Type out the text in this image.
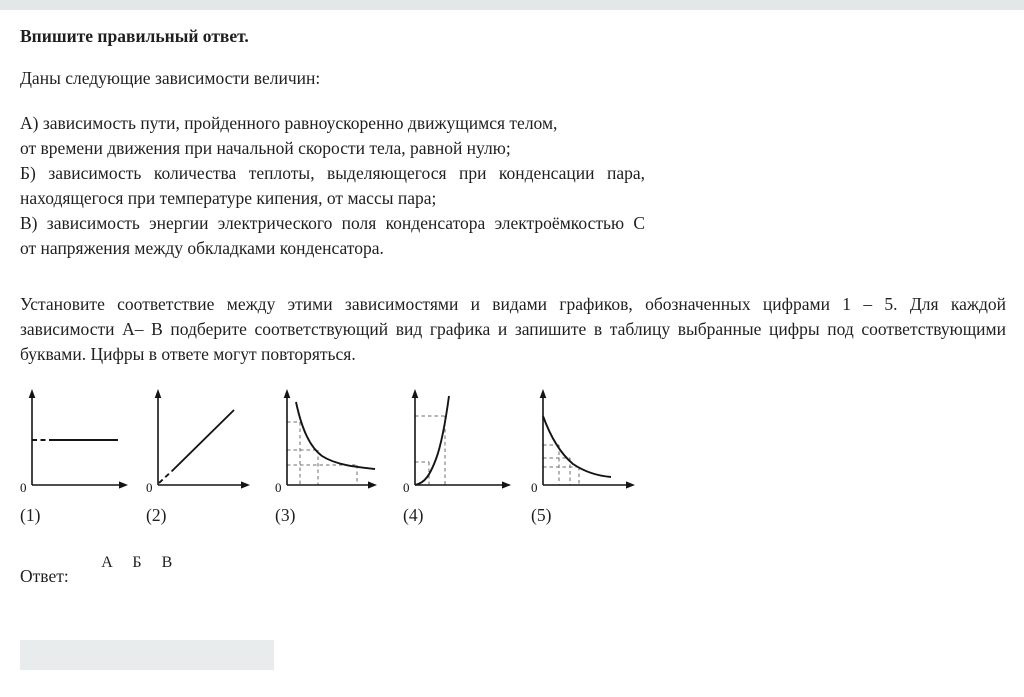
Впишите правильный ответ.
Даны следующие зависимости величин:
А) зависимость пути, пройденного равноускоренно движущимся телом,
от времени движения при начальной скорости тела, равной нулю;
Б) зависимость количества теплоты, выделяющегося при конденсации пара,
находящегося при температуре кипения, от массы пара;
В) зависимость энергии электрического поля конденсатора электроёмкостью С
от напряжения между обкладками конденсатора.
Установите соответствие между этими зависимостями и видами графиков, обозначенных цифрами 1 – 5. Для каждой
зависимости А– В подберите соответствующий вид графика и запишите в таблицу выбранные цифры под соответствующими
буквами. Цифры в ответе могут повторяться.
0
(1)
0
(2)
0
(3)
0
(4)
0
(5)
А Б В
Ответ:
